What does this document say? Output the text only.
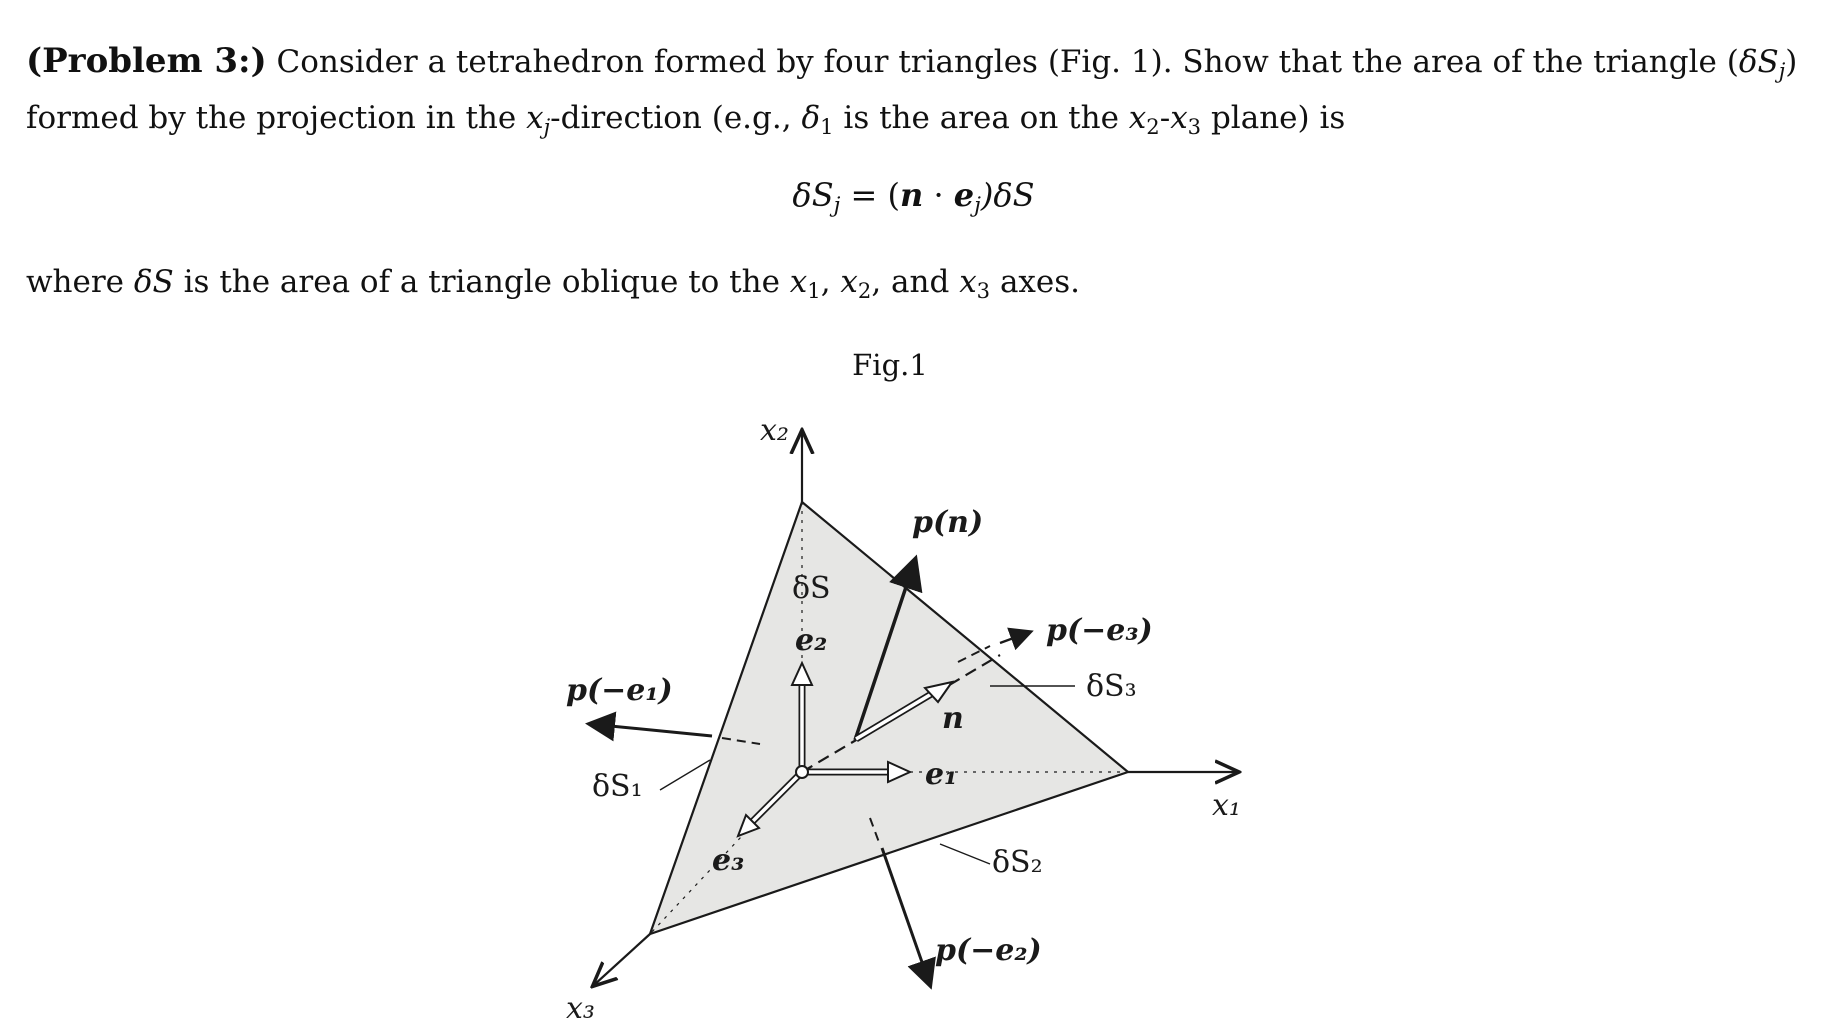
(Problem 3:) Consider a tetrahedron formed by four triangles (Fig. 1). Show that the area of the triangle (δSj)
formed by the projection in the xj-direction (e.g., $\delta_1$ is the area on the $x_2-x_3$ plane) is
δSj = (n · ej)δS
where δS is the area of a triangle oblique to the $x_1$, $x_2$, and $x_3$ axes.
Fig.1
x₂
x₁
x₃
δS
p(n)
p(−e₃)
δS₃
e₂
n
e₁
p(−e₁)
δS₁
e₃	δS₂
p(−e₂)
